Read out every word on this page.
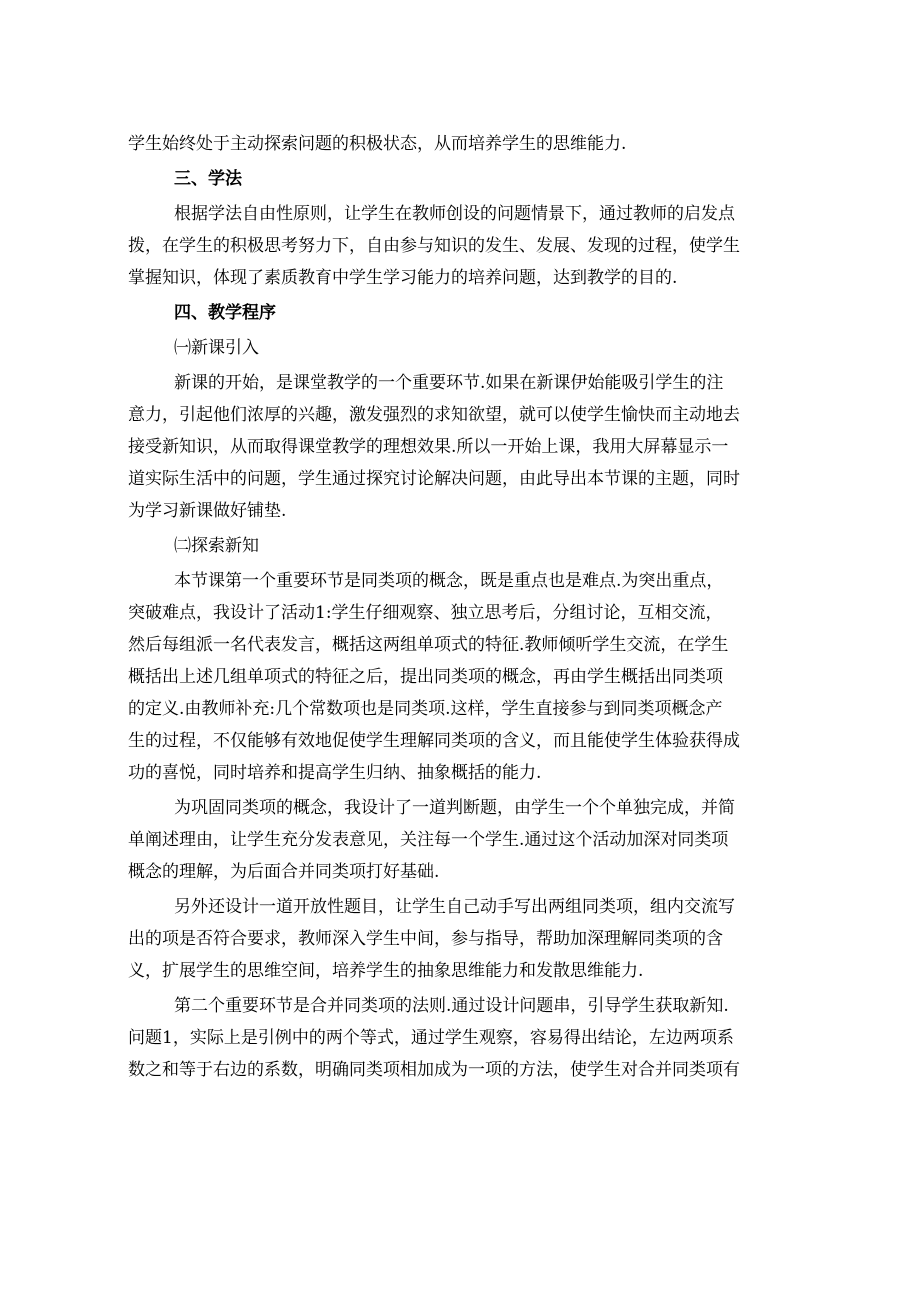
学生始终处于主动探索问题的积极状态，从而培养学生的思维能力.

三、学法

根据学法自由性原则，让学生在教师创设的问题情景下，通过教师的启发点

拨，在学生的积极思考努力下，自由参与知识的发生、发展、发现的过程，使学生

掌握知识，体现了素质教育中学生学习能力的培养问题，达到教学的目的.

四、教学程序

㈠新课引入

新课的开始，是课堂教学的一个重要环节.如果在新课伊始能吸引学生的注

意力，引起他们浓厚的兴趣，激发强烈的求知欲望，就可以使学生愉快而主动地去

接受新知识，从而取得课堂教学的理想效果.所以一开始上课，我用大屏幕显示一

道实际生活中的问题，学生通过探究讨论解决问题，由此导出本节课的主题，同时

为学习新课做好铺垫.

㈡探索新知

本节课第一个重要环节是同类项的概念，既是重点也是难点.为突出重点，

突破难点，我设计了活动1:学生仔细观察、独立思考后，分组讨论，互相交流，

然后每组派一名代表发言，概括这两组单项式的特征.教师倾听学生交流，在学生

概括出上述几组单项式的特征之后，提出同类项的概念，再由学生概括出同类项

的定义.由教师补充:几个常数项也是同类项.这样，学生直接参与到同类项概念产

生的过程，不仅能够有效地促使学生理解同类项的含义，而且能使学生体验获得成

功的喜悦，同时培养和提高学生归纳、抽象概括的能力.

为巩固同类项的概念，我设计了一道判断题，由学生一个个单独完成，并简

单阐述理由，让学生充分发表意见，关注每一个学生.通过这个活动加深对同类项

概念的理解，为后面合并同类项打好基础.

另外还设计一道开放性题目，让学生自己动手写出两组同类项，组内交流写

出的项是否符合要求，教师深入学生中间，参与指导，帮助加深理解同类项的含

义，扩展学生的思维空间，培养学生的抽象思维能力和发散思维能力.

第二个重要环节是合并同类项的法则.通过设计问题串，引导学生获取新知.

问题1，实际上是引例中的两个等式，通过学生观察，容易得出结论，左边两项系

数之和等于右边的系数，明确同类项相加成为一项的方法，使学生对合并同类项有
